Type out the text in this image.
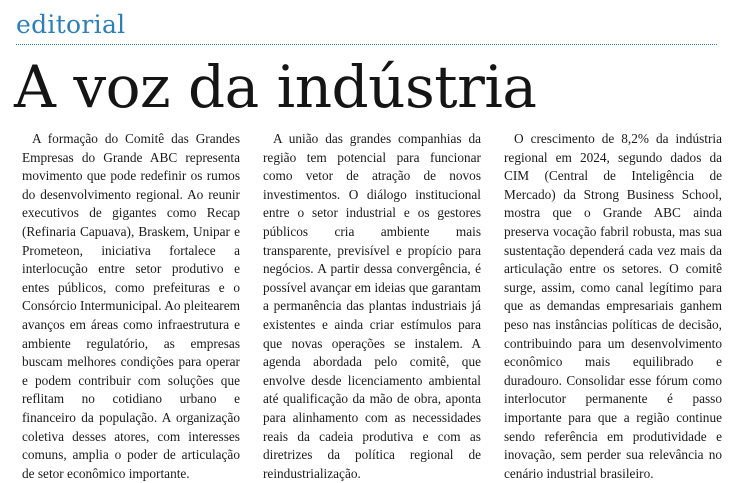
editorial
A voz da indústria

A formação do Comitê das Grandes Empresas do Grande ABC representa movimento que pode redefinir os rumos do desenvolvimento regional. Ao reunir executivos de gigantes como Recap (Refinaria Capuava), Braskem, Unipar e Prometeon, iniciativa fortalece a interlocução entre setor produtivo e entes públicos, como prefeituras e o Consórcio Intermunicipal. Ao pleitearem avanços em áreas como infraestrutura e ambiente regulatório, as empresas buscam melhores condições para operar e podem contribuir com soluções que reflitam no cotidiano urbano e financeiro da população. A organização coletiva desses atores, com interesses comuns, amplia o poder de articulação de setor econômico importante.

A união das grandes companhias da região tem potencial para funcionar como vetor de atração de novos investimentos. O diálogo institucional entre o setor industrial e os gestores públicos cria ambiente mais transparente, previsível e propício para negócios. A partir dessa convergência, é possível avançar em ideias que garantam a permanência das plantas industriais já existentes e ainda criar estímulos para que novas operações se instalem. A agenda abordada pelo comitê, que envolve desde licenciamento ambiental até qualificação da mão de obra, aponta para alinhamento com as necessidades reais da cadeia produtiva e com as diretrizes da política regional de reindustrialização.

O crescimento de 8,2% da indústria regional em 2024, segundo dados da CIM (Central de Inteligência de Mercado) da Strong Business School, mostra que o Grande ABC ainda preserva vocação fabril robusta, mas sua sustentação dependerá cada vez mais da articulação entre os setores. O comitê surge, assim, como canal legítimo para que as demandas empresariais ganhem peso nas instâncias políticas de decisão, contribuindo para um desenvolvimento econômico mais equilibrado e duradouro. Consolidar esse fórum como interlocutor permanente é passo importante para que a região continue sendo referência em produtividade e inovação, sem perder sua relevância no cenário industrial brasileiro.
